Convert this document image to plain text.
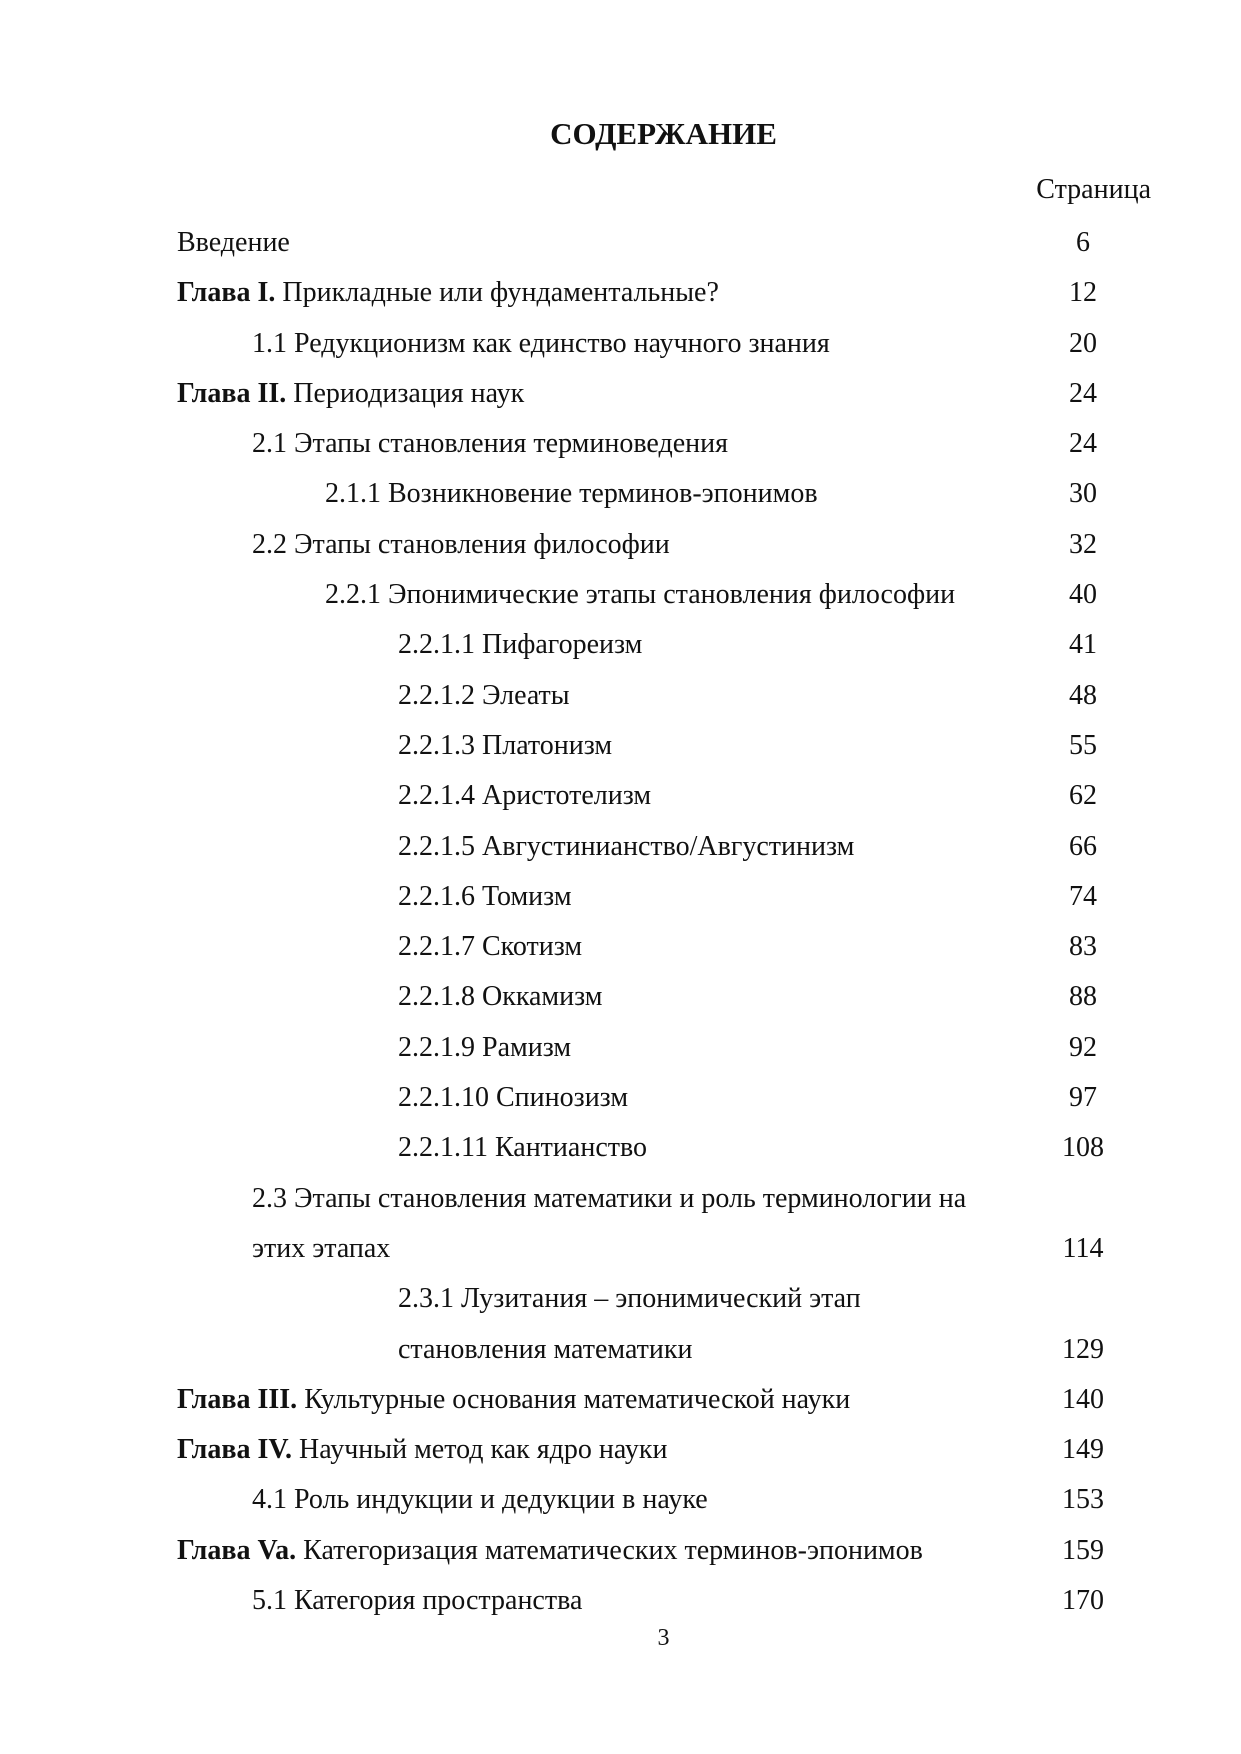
СОДЕРЖАНИЕ
Страница
Введение	6
Глава I. Прикладные или фундаментальные?	12
1.1 Редукционизм как единство научного знания	20
Глава II. Периодизация наук	24
2.1 Этапы становления терминоведения	24
2.1.1 Возникновение терминов-эпонимов	30
2.2 Этапы становления философии	32
2.2.1 Эпонимические этапы становления философии	40
2.2.1.1 Пифагореизм	41
2.2.1.2 Элеаты	48
2.2.1.3 Платонизм	55
2.2.1.4 Аристотелизм	62
2.2.1.5 Августинианство/Августинизм	66
2.2.1.6 Томизм	74
2.2.1.7 Скотизм	83
2.2.1.8 Оккамизм	88
2.2.1.9 Рамизм	92
2.2.1.10 Спинозизм	97
2.2.1.11 Кантианство	108
2.3 Этапы становления математики и роль терминологии на
этих этапах	114
2.3.1 Лузитания – эпонимический этап
становления математики	129
Глава III. Культурные основания математической науки	140
Глава IV. Научный метод как ядро науки	149
4.1 Роль индукции и дедукции в науке	153
Глава Va. Категоризация математических терминов-эпонимов	159
5.1 Категория пространства	170
3
